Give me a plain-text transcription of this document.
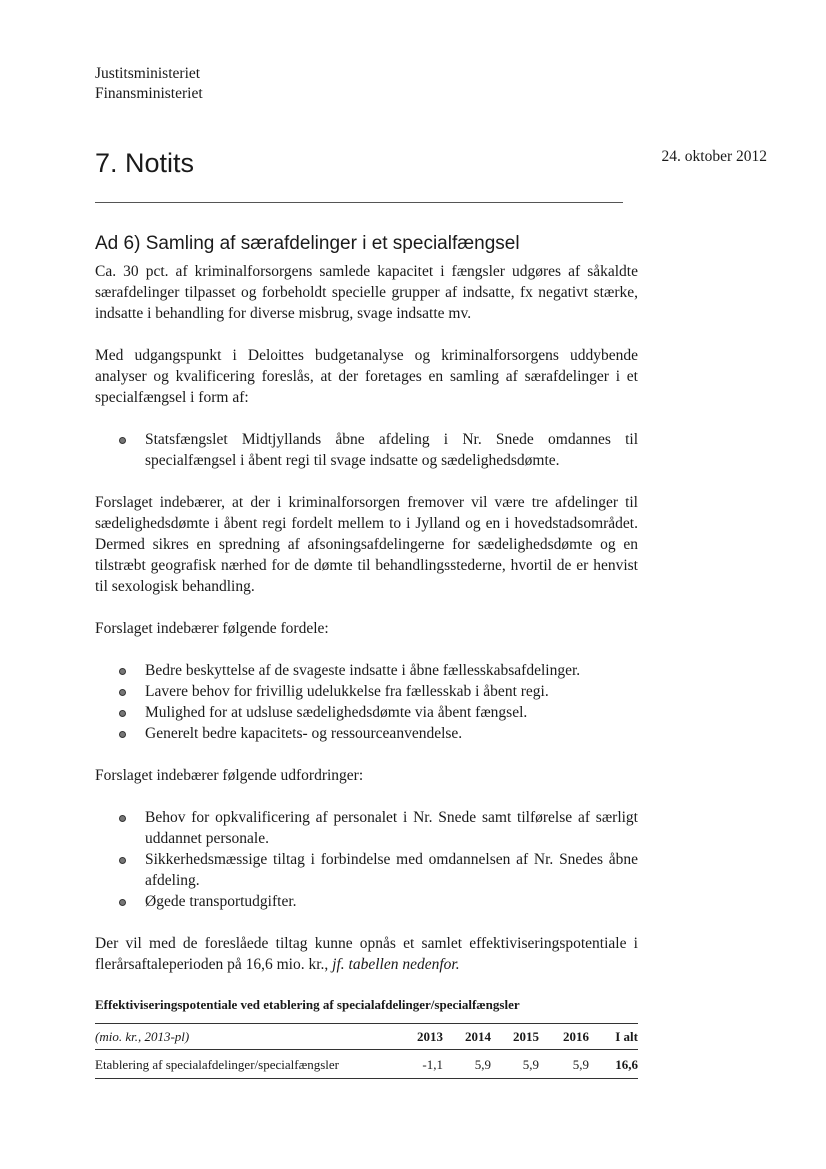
Justitsministeriet
Finansministeriet
7. Notits	24. oktober 2012
Ad 6) Samling af særafdelinger i et specialfængsel

Ca. 30 pct. af kriminalforsorgens samlede kapacitet i fængsler udgøres af såkaldte særafdelinger tilpasset og forbeholdt specielle grupper af indsatte, fx negativt stærke, indsatte i behandling for diverse misbrug, svage indsatte mv.

Med udgangspunkt i Deloittes budgetanalyse og kriminalforsorgens uddybende analyser og kvalificering foreslås, at der foretages en samling af særafdelinger i et specialfængsel i form af:

Statsfængslet Midtjyllands åbne afdeling i Nr. Snede omdannes til specialfængsel i åbent regi til svage indsatte og sædelighedsdømte.

Forslaget indebærer, at der i kriminalforsorgen fremover vil være tre afdelinger til sædelighedsdømte i åbent regi fordelt mellem to i Jylland og en i hovedstadsområdet. Dermed sikres en spredning af afsoningsafdelingerne for sædelighedsdømte og en tilstræbt geografisk nærhed for de dømte til behandlingsstederne, hvortil de er henvist til sexologisk behandling.

Forslaget indebærer følgende fordele:

Bedre beskyttelse af de svageste indsatte i åbne fællesskabsafdelinger.
Lavere behov for frivillig udelukkelse fra fællesskab i åbent regi.
Mulighed for at udsluse sædelighedsdømte via åbent fængsel.
Generelt bedre kapacitets- og ressourceanvendelse.

Forslaget indebærer følgende udfordringer:

Behov for opkvalificering af personalet i Nr. Snede samt tilførelse af særligt uddannet personale.
Sikkerhedsmæssige tiltag i forbindelse med omdannelsen af Nr. Snedes åbne afdeling.
Øgede transportudgifter.

Der vil med de foreslåede tiltag kunne opnås et samlet effektiviseringspotentiale i flerårsaftaleperioden på 16,6 mio. kr., jf. tabellen nedenfor.

Effektiviseringspotentiale ved etablering af specialafdelinger/specialfængsler

(mio. kr., 2013-pl)	2013	2014	2015	2016	I alt
Etablering af specialafdelinger/specialfængsler	-1,1	5,9	5,9	5,9	16,6
